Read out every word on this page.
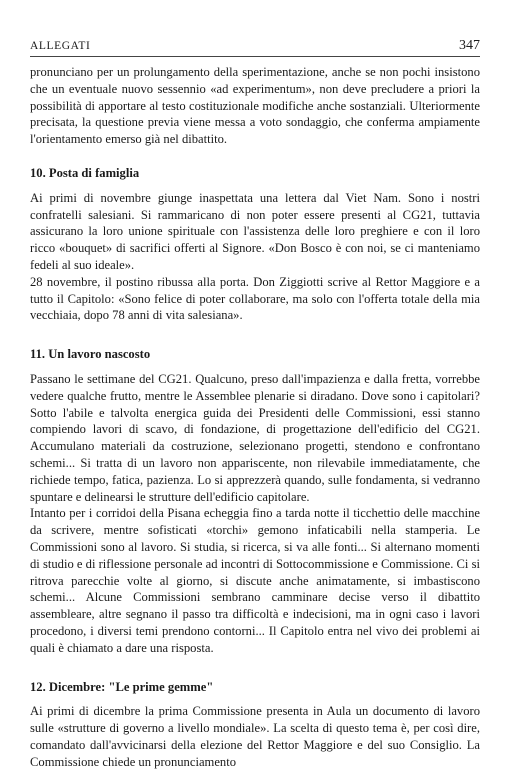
ALLEGATI	347

pronunciano per un prolungamento della sperimentazione, anche se non pochi insistono che un eventuale nuovo sessennio «ad experimentum», non deve precludere a priori la possibilità di apportare al testo costituzionale modifiche anche sostanziali. Ulteriormente precisata, la questione previa viene messa a voto sondaggio, che conferma ampiamente l'orientamento emerso già nel dibattito.

10. Posta di famiglia

Ai primi di novembre giunge inaspettata una lettera dal Viet Nam. Sono i nostri confratelli salesiani. Si rammaricano di non poter essere presenti al CG21, tuttavia assicurano la loro unione spirituale con l'assistenza delle loro preghiere e con il loro ricco «bouquet» di sacrifici offerti al Signore. «Don Bosco è con noi, se ci manteniamo fedeli al suo ideale».

28 novembre, il postino ribussa alla porta. Don Ziggiotti scrive al Rettor Maggiore e a tutto il Capitolo: «Sono felice di poter collaborare, ma solo con l'offerta totale della mia vecchiaia, dopo 78 anni di vita salesiana».

11. Un lavoro nascosto

Passano le settimane del CG21. Qualcuno, preso dall'impazienza e dalla fretta, vorrebbe vedere qualche frutto, mentre le Assemblee plenarie si diradano. Dove sono i capitolari? Sotto l'abile e talvolta energica guida dei Presidenti delle Commissioni, essi stanno compiendo lavori di scavo, di fondazione, di progettazione dell'edificio del CG21. Accumulano materiali da costruzione, selezionano progetti, stendono e confrontano schemi... Si tratta di un lavoro non appariscente, non rilevabile immediatamente, che richiede tempo, fatica, pazienza. Lo si apprezzerà quando, sulle fondamenta, si vedranno spuntare e delinearsi le strutture dell'edificio capitolare.

Intanto per i corridoi della Pisana echeggia fino a tarda notte il ticchettio delle macchine da scrivere, mentre sofisticati «torchi» gemono infaticabili nella stamperia. Le Commissioni sono al lavoro. Si studia, si ricerca, si va alle fonti... Si alternano momenti di studio e di riflessione personale ad incontri di Sottocommissione e Commissione. Ci si ritrova parecchie volte al giorno, si discute anche animatamente, si imbastiscono schemi... Alcune Commissioni sembrano camminare decise verso il dibattito assembleare, altre segnano il passo tra difficoltà e indecisioni, ma in ogni caso i lavori procedono, i diversi temi prendono contorni... Il Capitolo entra nel vivo dei problemi ai quali è chiamato a dare una risposta.

12. Dicembre: "Le prime gemme"

Ai primi di dicembre la prima Commissione presenta in Aula un documento di lavoro sulle «strutture di governo a livello mondiale». La scelta di questo tema è, per così dire, comandato dall'avvicinarsi della elezione del Rettor Maggiore e del suo Consiglio. La Commissione chiede un pronunciamento
